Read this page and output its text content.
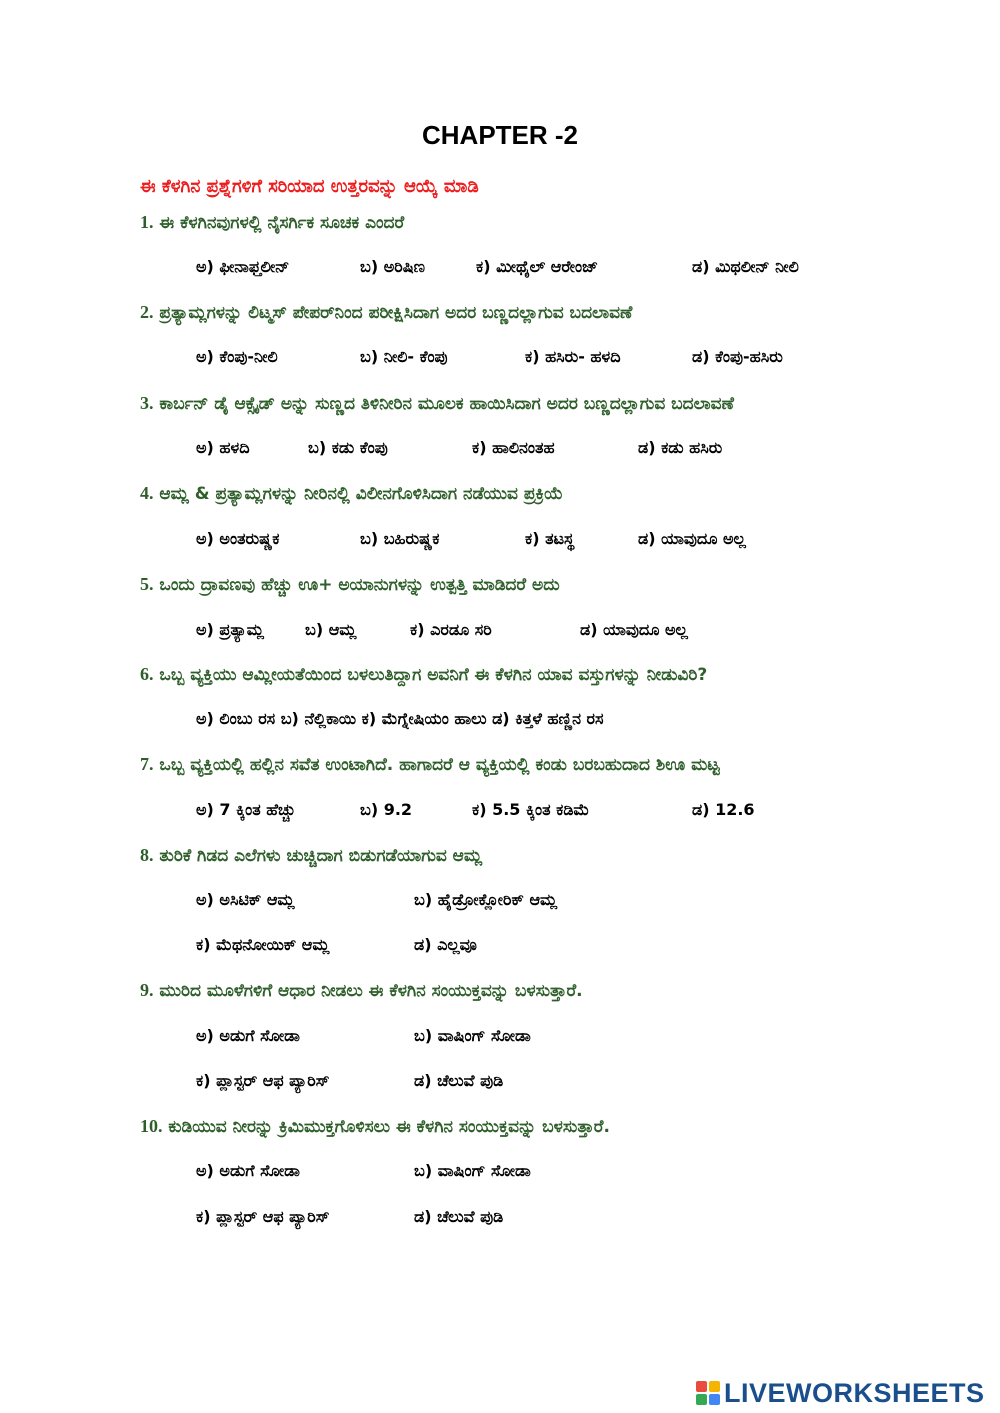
CHAPTER -2
ಈ ಕೆಳಗಿನ ಪ್ರಶ್ನೆಗಳಿಗೆ ಸರಿಯಾದ ಉತ್ತರವನ್ನು ಆಯ್ಕೆ ಮಾಡಿ
1. ಈ ಕೆಳಗಿನವುಗಳಲ್ಲಿ ನೈಸರ್ಗಿಕ ಸೂಚಕ ಎಂದರೆ
ಅ) ಫೀನಾಫ್ತಲೀನ್	ಬ) ಅರಿಷಿಣ	ಕ) ಮೀಥೈಲ್ ಆರೇಂಜ್	ಡ) ಮಿಥಲೀನ್ ನೀಲಿ
2. ಪ್ರತ್ಯಾಮ್ಲಗಳನ್ನು ಲಿಟ್ಮಸ್ ಪೇಪರ್‌ನಿಂದ ಪರೀಕ್ಷಿಸಿದಾಗ ಅದರ ಬಣ್ಣದಲ್ಲಾಗುವ ಬದಲಾವಣೆ
ಅ) ಕೆಂಪು-ನೀಲಿ	ಬ) ನೀಲಿ- ಕೆಂಪು	ಕ) ಹಸಿರು- ಹಳದಿ	ಡ) ಕೆಂಪು-ಹಸಿರು
3. ಕಾರ್ಬನ್ ಡೈ ಆಕ್ಸೈಡ್ ಅನ್ನು ಸುಣ್ಣದ ತಿಳಿನೀರಿನ ಮೂಲಕ ಹಾಯಿಸಿದಾಗ ಅದರ ಬಣ್ಣದಲ್ಲಾಗುವ ಬದಲಾವಣೆ
ಅ) ಹಳದಿ	ಬ) ಕಡು ಕೆಂಪು	ಕ) ಹಾಲಿನಂತಹ	ಡ) ಕಡು ಹಸಿರು
4. ಆಮ್ಲ & ಪ್ರತ್ಯಾಮ್ಲಗಳನ್ನು ನೀರಿನಲ್ಲಿ ವಿಲೀನಗೊಳಿಸಿದಾಗ ನಡೆಯುವ ಪ್ರಕ್ರಿಯೆ
ಅ) ಅಂತರುಷ್ಣಕ	ಬ) ಬಹಿರುಷ್ಣಕ	ಕ) ತಟಸ್ಥ	ಡ) ಯಾವುದೂ ಅಲ್ಲ
5. ಒಂದು ದ್ರಾವಣವು ಹೆಚ್ಚು ಊ+ ಅಯಾನುಗಳನ್ನು ಉತ್ಪತ್ತಿ ಮಾಡಿದರೆ ಅದು
ಅ) ಪ್ರತ್ಯಾಮ್ಲ	ಬ) ಆಮ್ಲ	ಕ) ಎರಡೂ ಸರಿ	ಡ) ಯಾವುದೂ ಅಲ್ಲ
6. ಒಬ್ಬ ವ್ಯಕ್ತಿಯು ಆಮ್ಲೀಯತೆಯಿಂದ ಬಳಲುತಿದ್ದಾಗ ಅವನಿಗೆ ಈ ಕೆಳಗಿನ ಯಾವ ವಸ್ತುಗಳನ್ನು ನೀಡುವಿರಿ?
ಅ) ಲಿಂಬು ರಸ ಬ) ನೆಲ್ಲಿಕಾಯಿ ಕ) ಮೆಗ್ನೇಷಿಯಂ ಹಾಲು ಡ) ಕಿತ್ತಳೆ ಹಣ್ಣಿನ ರಸ
7. ಒಬ್ಬ ವ್ಯಕ್ತಿಯಲ್ಲಿ ಹಲ್ಲಿನ ಸವೆತ ಉಂಟಾಗಿದೆ. ಹಾಗಾದರೆ ಆ ವ್ಯಕ್ತಿಯಲ್ಲಿ ಕಂಡು ಬರಬಹುದಾದ ಶಿಊ ಮಟ್ಟ
ಅ) 7 ಕ್ಕಿಂತ ಹೆಚ್ಚು	ಬ) 9.2	ಕ) 5.5 ಕ್ಕಿಂತ ಕಡಿಮೆ	ಡ) 12.6
8. ತುರಿಕೆ ಗಿಡದ ಎಲೆಗಳು ಚುಚ್ಚಿದಾಗ ಬಿಡುಗಡೆಯಾಗುವ ಆಮ್ಲ
ಅ) ಅಸಿಟಿಕ್ ಆಮ್ಲ	ಬ) ಹೈಡ್ರೋಕ್ಲೋರಿಕ್ ಆಮ್ಲ
ಕ) ಮೆಥನೋಯಿಕ್ ಆಮ್ಲ	ಡ) ಎಲ್ಲವೂ
9. ಮುರಿದ ಮೂಳೆಗಳಿಗೆ ಆಧಾರ ನೀಡಲು ಈ ಕೆಳಗಿನ ಸಂಯುಕ್ತವನ್ನು ಬಳಸುತ್ತಾರೆ.
ಅ) ಅಡುಗೆ ಸೋಡಾ	ಬ) ವಾಷಿಂಗ್ ಸೋಡಾ
ಕ) ಪ್ಲಾಸ್ಟರ್ ಆಫ ಪ್ಯಾರಿಸ್	ಡ) ಚೆಲುವೆ ಪುಡಿ
10. ಕುಡಿಯುವ ನೀರನ್ನು ಕ್ರಿಮಿಮುಕ್ತಗೊಳಿಸಲು ಈ ಕೆಳಗಿನ ಸಂಯುಕ್ತವನ್ನು ಬಳಸುತ್ತಾರೆ.
ಅ) ಅಡುಗೆ ಸೋಡಾ	ಬ) ವಾಷಿಂಗ್ ಸೋಡಾ
ಕ) ಪ್ಲಾಸ್ಟರ್ ಆಫ ಪ್ಯಾರಿಸ್	ಡ) ಚೆಲುವೆ ಪುಡಿ
LIVEWORKSHEETS
